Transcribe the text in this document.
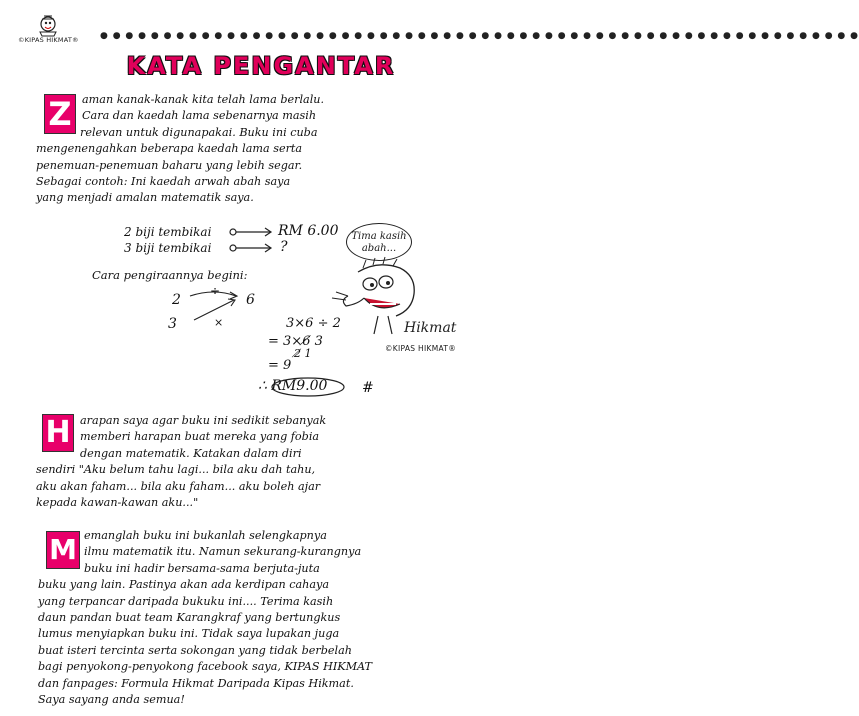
©KIPAS HIKMAT® ● ● ● ● ● ● ● ● ● ● ● ● ● ● ● ● ● ● ● ● ● ● ● ● ● ● ● ● ● ● ● ● ● ● ● ● ● ● ● ● ● ● ● ● ● ● ● ● ● ● ● ● ● ● ● ● ● ● ● ●
KATA PENGANTAR
Z aman kanak-kanak kita telah lama berlalu.
Cara dan kaedah lama sebenarnya masih
relevan untuk digunapakai. Buku ini cuba
mengenengahkan beberapa kaedah lama serta
penemuan-penemuan baharu yang lebih segar.
Sebagai contoh: Ini kaedah arwah abah saya
yang menjadi amalan matematik saya.
2 biji tembikai	RM 6.00
3 biji tembikai	?
Tima kasih abah...
Cara pengiraannya begini:
2
÷
6
3	×	3×6 ÷ 2
= 3×6̸ 3
2̸ 1
= 9
∴ RM9.00 #
Hikmat
©KIPAS HIKMAT®
H arapan saya agar buku ini sedikit sebanyak
memberi harapan buat mereka yang fobia
dengan matematik. Katakan dalam diri
sendiri "Aku belum tahu lagi... bila aku dah tahu,
aku akan faham... bila aku faham... aku boleh ajar
kepada kawan-kawan aku..."
M emanglah buku ini bukanlah selengkapnya
ilmu matematik itu. Namun sekurang-kurangnya
buku ini hadir bersama-sama berjuta-juta
buku yang lain. Pastinya akan ada kerdipan cahaya
yang terpancar daripada bukuku ini.... Terima kasih
daun pandan buat team Karangkraf yang bertungkus
lumus menyiapkan buku ini. Tidak saya lupakan juga
buat isteri tercinta serta sokongan yang tidak berbelah
bagi penyokong-penyokong facebook saya, KIPAS HIKMAT
dan fanpages: Formula Hikmat Daripada Kipas Hikmat.
Saya sayang anda semua!
